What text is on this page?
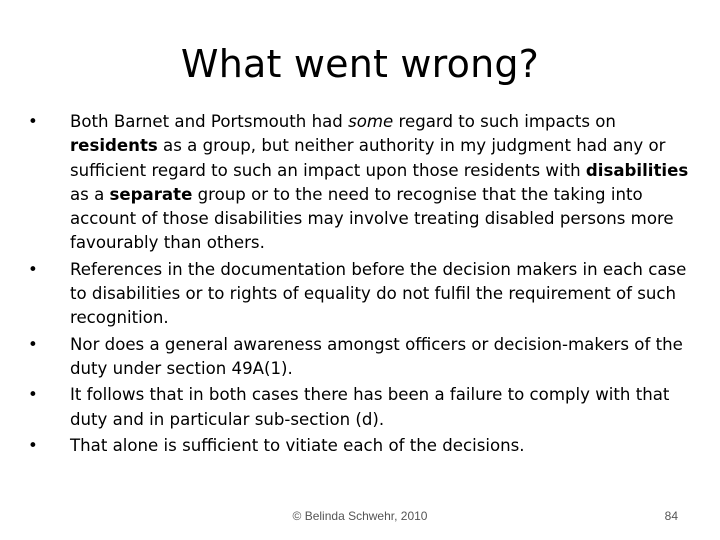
What went wrong?
• Both Barnet and Portsmouth had some regard to such impacts on residents as a group, but neither authority in my judgment had any or sufficient regard to such an impact upon those residents with disabilities as a separate group or to the need to recognise that the taking into account of those disabilities may involve treating disabled persons more favourably than others.
• References in the documentation before the decision makers in each case to disabilities or to rights of equality do not fulfil the requirement of such recognition.
• Nor does a general awareness amongst officers or decision-makers of the duty under section 49A(1).
• It follows that in both cases there has been a failure to comply with that duty and in particular sub-section (d).
• That alone is sufficient to vitiate each of the decisions.
© Belinda Schwehr, 2010	84
